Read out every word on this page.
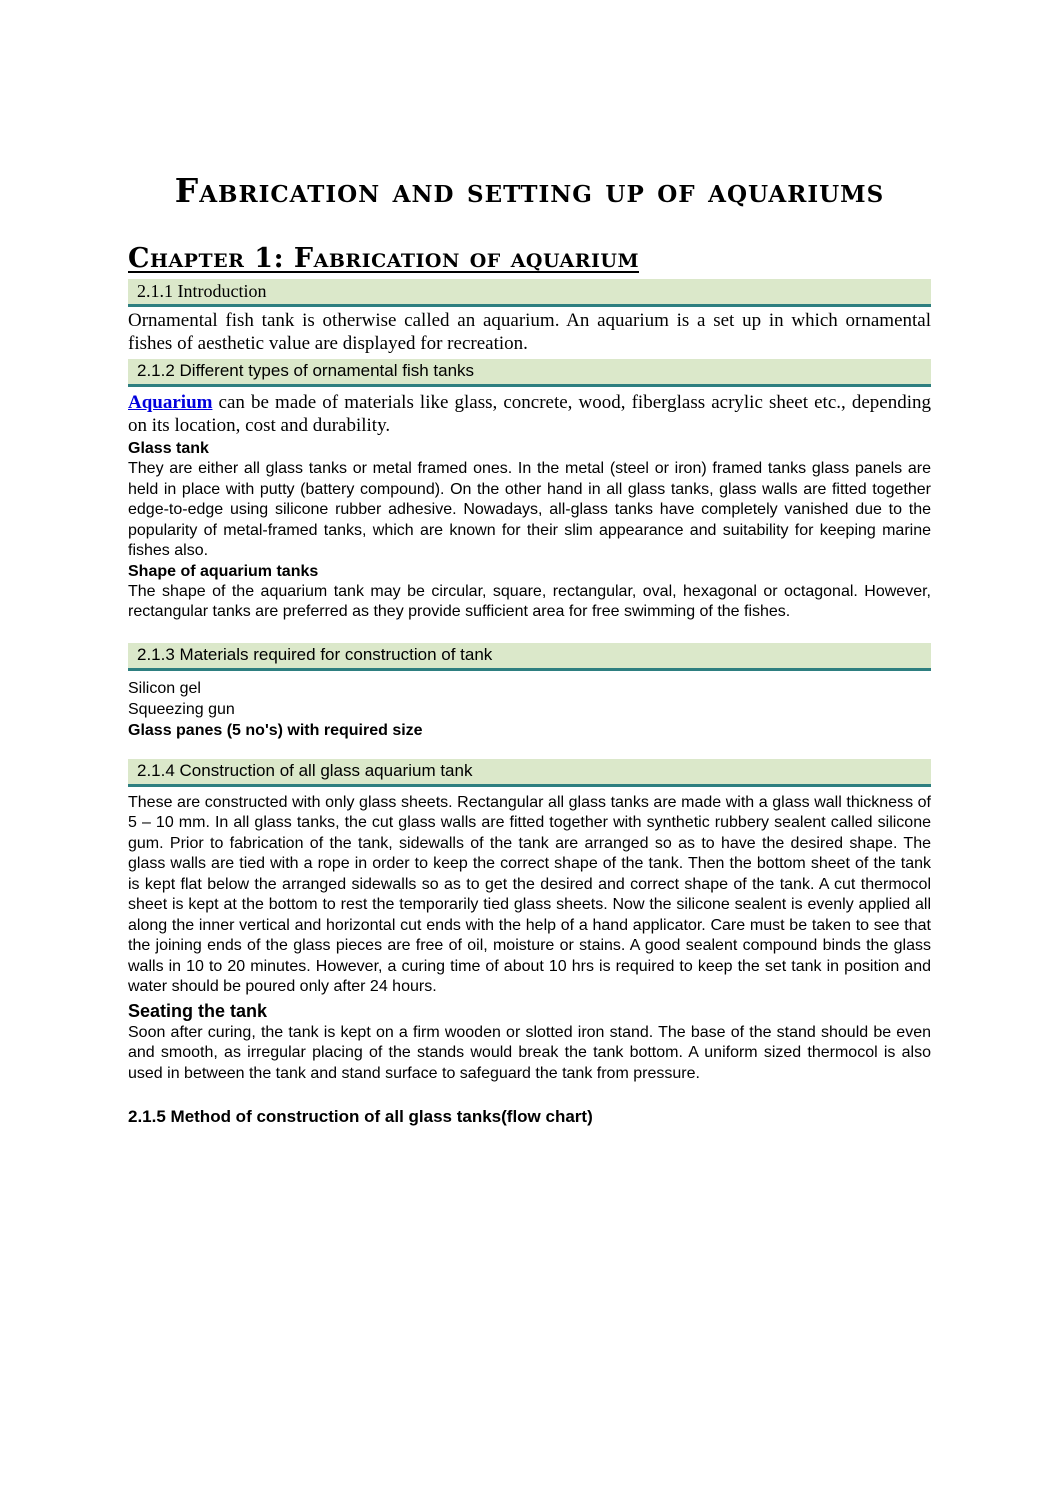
Fabrication and setting up of aquariums
Chapter 1: Fabrication of aquarium
2.1.1 Introduction

Ornamental fish tank is otherwise called an aquarium. An aquarium is a set up in which ornamental fishes of aesthetic value are displayed for recreation.

2.1.2 Different types of ornamental fish tanks

Aquarium can be made of materials like glass, concrete, wood, fiberglass acrylic sheet etc., depending on its location, cost and durability.

Glass tank

They are either all glass tanks or metal framed ones. In the metal (steel or iron) framed tanks glass panels are held in place with putty (battery compound). On the other hand in all glass tanks, glass walls are fitted together edge-to-edge using silicone rubber adhesive. Nowadays, all-glass tanks have completely vanished due to the popularity of metal-framed tanks, which are known for their slim appearance and suitability for keeping marine fishes also.

Shape of aquarium tanks

The shape of the aquarium tank may be circular, square, rectangular, oval, hexagonal or octagonal. However, rectangular tanks are preferred as they provide sufficient area for free swimming of the fishes.

2.1.3 Materials required for construction of tank
Silicon gel
Squeezing gun
Glass panes (5 no's) with required size
2.1.4 Construction of all glass aquarium tank

These are constructed with only glass sheets. Rectangular all glass tanks are made with a glass wall thickness of 5 – 10 mm. In all glass tanks, the cut glass walls are fitted together with synthetic rubbery sealent called silicone gum. Prior to fabrication of the tank, sidewalls of the tank are arranged so as to have the desired shape. The glass walls are tied with a rope in order to keep the correct shape of the tank. Then the bottom sheet of the tank is kept flat below the arranged sidewalls so as to get the desired and correct shape of the tank. A cut thermocol sheet is kept at the bottom to rest the temporarily tied glass sheets. Now the silicone sealent is evenly applied all along the inner vertical and horizontal cut ends with the help of a hand applicator. Care must be taken to see that the joining ends of the glass pieces are free of oil, moisture or stains. A good sealent compound binds the glass walls in 10 to 20 minutes. However, a curing time of about 10 hrs is required to keep the set tank in position and water should be poured only after 24 hours.

Seating the tank

Soon after curing, the tank is kept on a firm wooden or slotted iron stand. The base of the stand should be even and smooth, as irregular placing of the stands would break the tank bottom. A uniform sized thermocol is also used in between the tank and stand surface to safeguard the tank from pressure.

2.1.5 Method of construction of all glass tanks(flow chart)
